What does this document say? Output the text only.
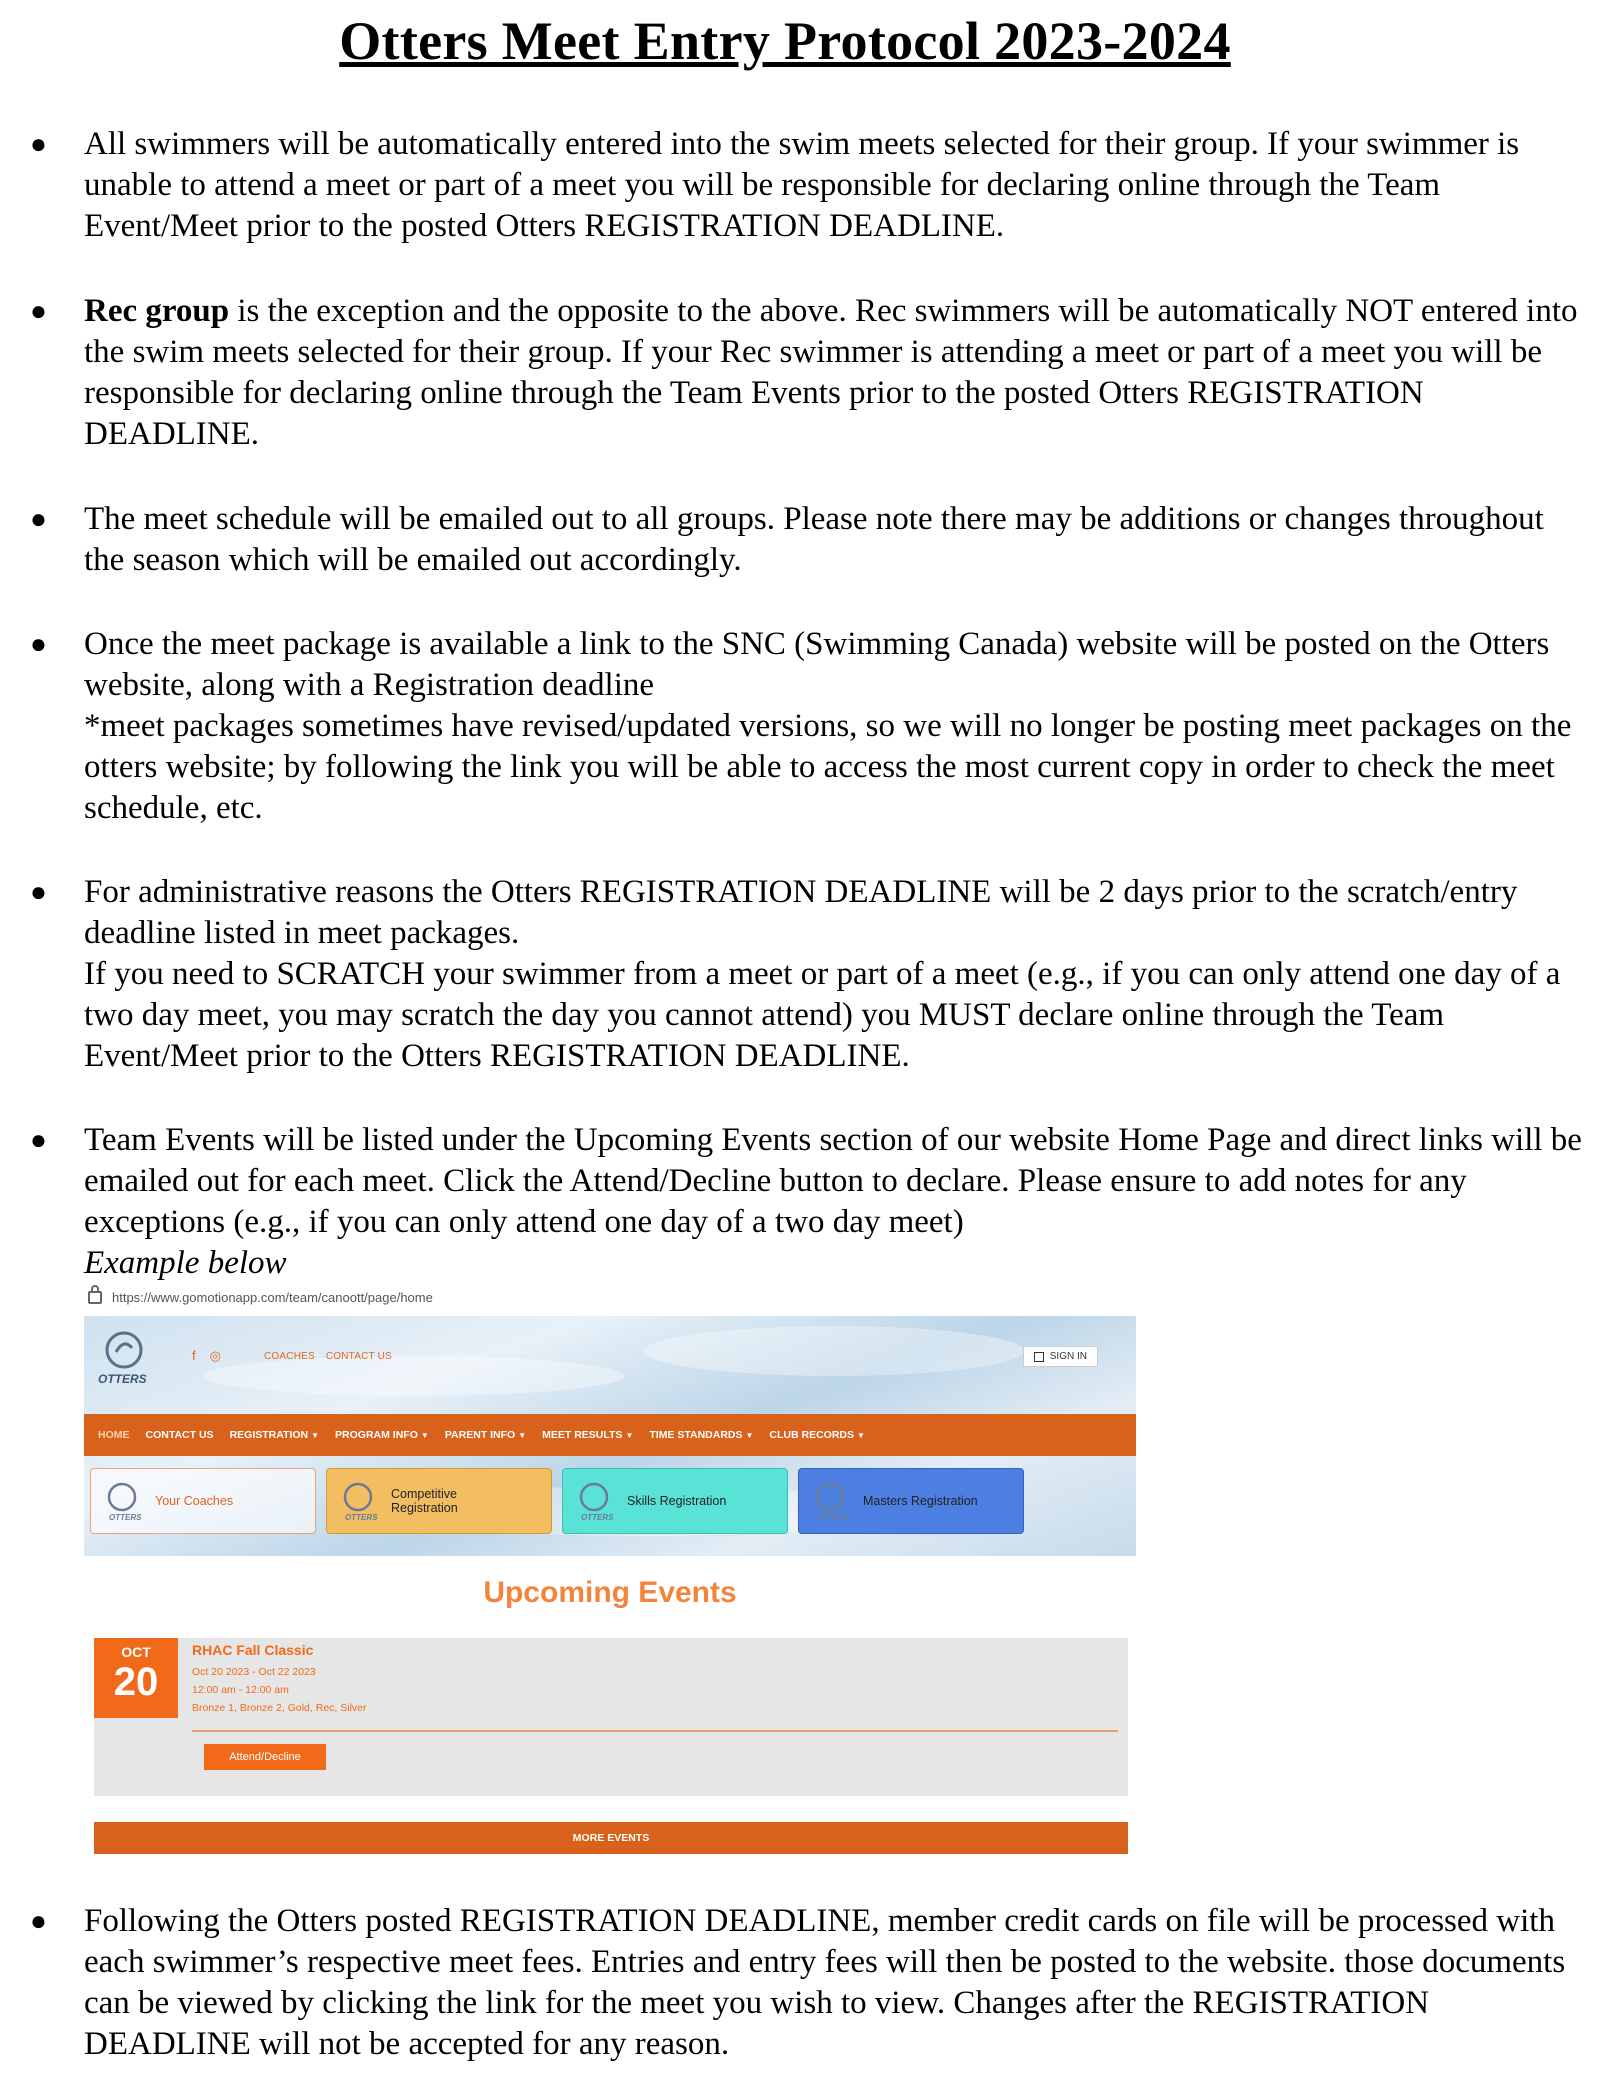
Otters Meet Entry Protocol 2023-2024
● All swimmers will be automatically entered into the swim meets selected for their group. If your swimmer is unable to attend a meet or part of a meet you will be responsible for declaring online through the Team Event/Meet prior to the posted Otters REGISTRATION DEADLINE.

● Rec group is the exception and the opposite to the above. Rec swimmers will be automatically NOT entered into the swim meets selected for their group. If your Rec swimmer is attending a meet or part of a meet you will be responsible for declaring online through the Team Events prior to the posted Otters REGISTRATION DEADLINE.

● The meet schedule will be emailed out to all groups. Please note there may be additions or changes throughout the season which will be emailed out accordingly.

● Once the meet package is available a link to the SNC (Swimming Canada) website will be posted on the Otters website, along with a Registration deadline

*meet packages sometimes have revised/updated versions, so we will no longer be posting meet packages on the otters website; by following the link you will be able to access the most current copy in order to check the meet schedule, etc.

● For administrative reasons the Otters REGISTRATION DEADLINE will be 2 days prior to the scratch/entry deadline listed in meet packages.

If you need to SCRATCH your swimmer from a meet or part of a meet (e.g., if you can only attend one day of a two day meet, you may scratch the day you cannot attend) you MUST declare online through the Team Event/Meet prior to the Otters REGISTRATION DEADLINE.

● Team Events will be listed under the Upcoming Events section of our website Home Page and direct links will be emailed out for each meet. Click the Attend/Decline button to declare. Please ensure to add notes for any exceptions (e.g., if you can only attend one day of a two day meet)

Example below

https://www.gomotionapp.com/team/canoott/page/home
OTTERS
f ◎	COACHES CONTACT US	SIGN IN
HOME CONTACT US REGISTRATION ▼ PROGRAM INFO ▼ PARENT INFO ▼ MEET RESULTS ▼ TIME STANDARDS ▼ CLUB RECORDS ▼
OTTERS
Your Coaches
OTTERS
Competitive Registration
OTTERS
Skills Registration
OTTERS
Masters Registration
Upcoming Events
OCT
20
RHAC Fall Classic
Oct 20 2023 - Oct 22 2023
12:00 am - 12:00 am
Bronze 1, Bronze 2, Gold, Rec, Silver
Attend/Decline
MORE EVENTS
● Following the Otters posted REGISTRATION DEADLINE, member credit cards on file will be processed with each swimmer’s respective meet fees. Entries and entry fees will then be posted to the website. those documents can be viewed by clicking the link for the meet you wish to view. Changes after the REGISTRATION DEADLINE will not be accepted for any reason.
